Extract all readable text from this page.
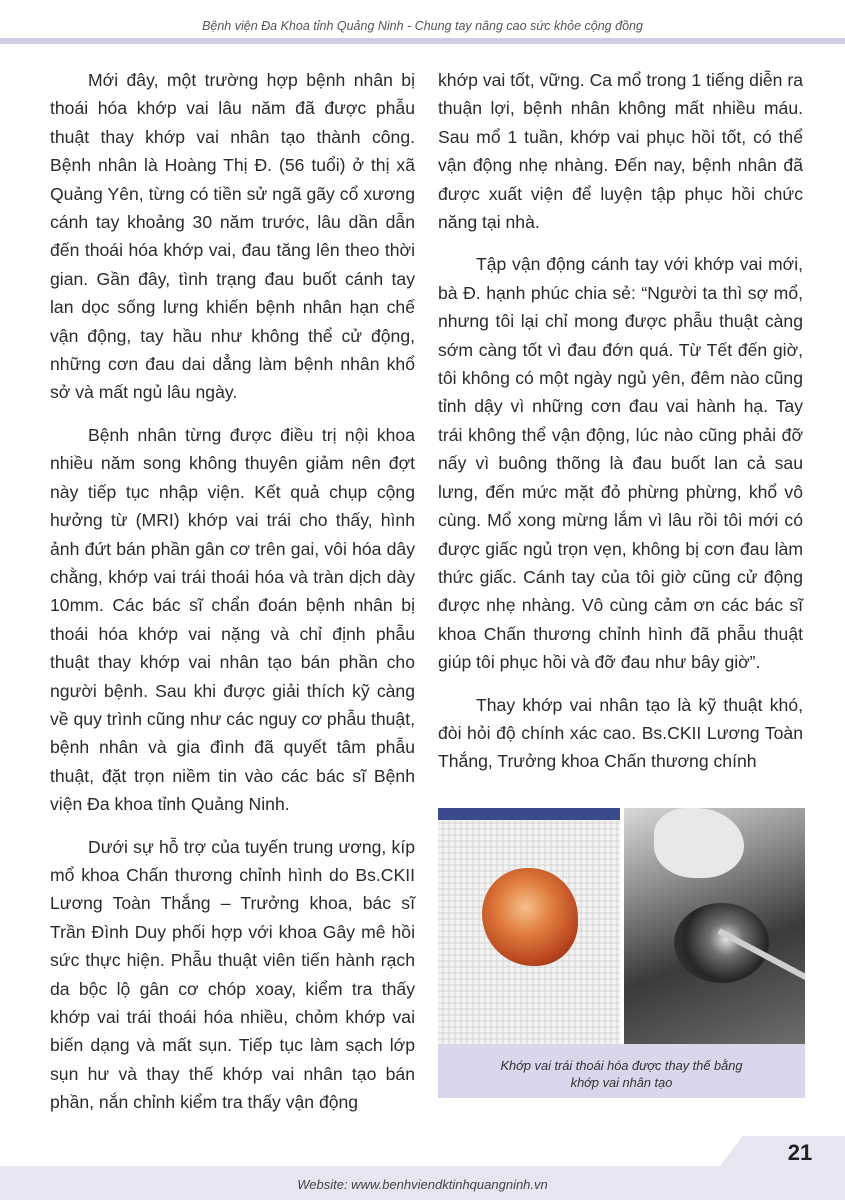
Bệnh viện Đa Khoa tỉnh Quảng Ninh - Chung tay nâng cao sức khỏe cộng đồng

Mới đây, một trường hợp bệnh nhân bị thoái hóa khớp vai lâu năm đã được phẫu thuật thay khớp vai nhân tạo thành công. Bệnh nhân là Hoàng Thị Đ. (56 tuổi) ở thị xã Quảng Yên, từng có tiền sử ngã gãy cổ xương cánh tay khoảng 30 năm trước, lâu dần dẫn đến thoái hóa khớp vai, đau tăng lên theo thời gian. Gần đây, tình trạng đau buốt cánh tay lan dọc sống lưng khiến bệnh nhân hạn chế vận động, tay hầu như không thể cử động, những cơn đau dai dẳng làm bệnh nhân khổ sở và mất ngủ lâu ngày.

Bệnh nhân từng được điều trị nội khoa nhiều năm song không thuyên giảm nên đợt này tiếp tục nhập viện. Kết quả chụp cộng hưởng từ (MRI) khớp vai trái cho thấy, hình ảnh đứt bán phần gân cơ trên gai, vôi hóa dây chằng, khớp vai trái thoái hóa và tràn dịch dày 10mm. Các bác sĩ chẩn đoán bệnh nhân bị thoái hóa khớp vai nặng và chỉ định phẫu thuật thay khớp vai nhân tạo bán phần cho người bệnh. Sau khi được giải thích kỹ càng về quy trình cũng như các nguy cơ phẫu thuật, bệnh nhân và gia đình đã quyết tâm phẫu thuật, đặt trọn niềm tin vào các bác sĩ Bệnh viện Đa khoa tỉnh Quảng Ninh.

Dưới sự hỗ trợ của tuyến trung ương, kíp mổ khoa Chấn thương chỉnh hình do Bs.CKII Lương Toàn Thắng – Trưởng khoa, bác sĩ Trần Đình Duy phối hợp với khoa Gây mê hồi sức thực hiện. Phẫu thuật viên tiến hành rạch da bộc lộ gân cơ chóp xoay, kiểm tra thấy khớp vai trái thoái hóa nhiều, chỏm khớp vai biến dạng và mất sụn. Tiếp tục làm sạch lớp sụn hư và thay thế khớp vai nhân tạo bán phần, nắn chỉnh kiểm tra thấy vận động

khớp vai tốt, vững. Ca mổ trong 1 tiếng diễn ra thuận lợi, bệnh nhân không mất nhiều máu. Sau mổ 1 tuần, khớp vai phục hồi tốt, có thể vận động nhẹ nhàng. Đến nay, bệnh nhân đã được xuất viện để luyện tập phục hồi chức năng tại nhà.

Tập vận động cánh tay với khớp vai mới, bà Đ. hạnh phúc chia sẻ: “Người ta thì sợ mổ, nhưng tôi lại chỉ mong được phẫu thuật càng sớm càng tốt vì đau đớn quá. Từ Tết đến giờ, tôi không có một ngày ngủ yên, đêm nào cũng tỉnh dậy vì những cơn đau vai hành hạ. Tay trái không thể vận động, lúc nào cũng phải đỡ nấy vì buông thõng là đau buốt lan cả sau lưng, đến mức mặt đỏ phừng phừng, khổ vô cùng. Mổ xong mừng lắm vì lâu rồi tôi mới có được giấc ngủ trọn vẹn, không bị cơn đau làm thức giấc. Cánh tay của tôi giờ cũng cử động được nhẹ nhàng. Vô cùng cảm ơn các bác sĩ khoa Chấn thương chỉnh hình đã phẫu thuật giúp tôi phục hồi và đỡ đau như bây giờ”.

Thay khớp vai nhân tạo là kỹ thuật khó, đòi hỏi độ chính xác cao. Bs.CKII Lương Toàn Thắng, Trưởng khoa Chấn thương chính

Khớp vai trái thoái hóa được thay thế bằng
khớp vai nhân tạo
21
Website: www.benhviendktinhquangninh.vn
